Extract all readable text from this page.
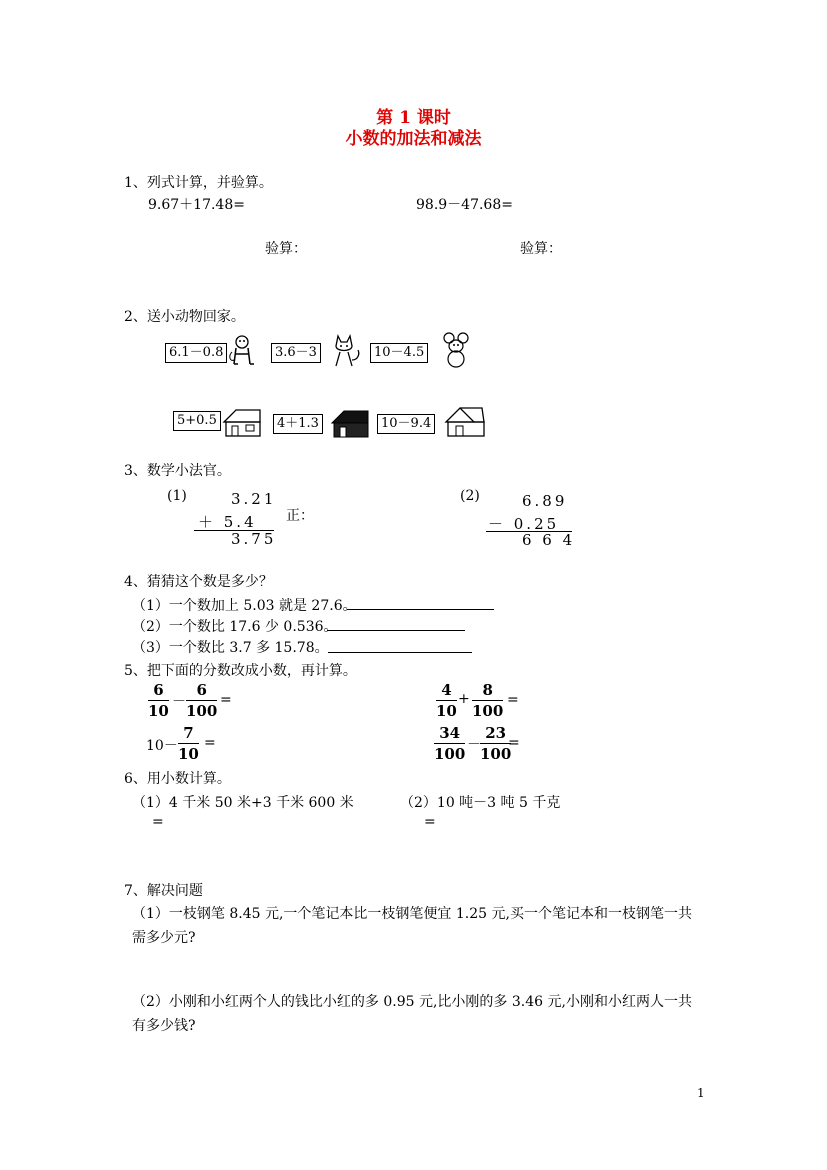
第 1 课时
小数的加法和减法
1、列式计算，并验算。
9.67＋17.48=	98.9－47.68=
验算：	验算：
2、送小动物回家。
6.1－0.8	3.6－3	10－4.5
5+0.5	4＋1.3	10－9.4
3、数学小法官。
(1)	3.21
＋ 5.4
3.75
正：
(2)	6.89
－ 0.25
6 6 4
4、猜猜这个数是多少？
（1）一个数加上 5.03 就是 27.6。
（2）一个数比 17.6 少 0.536。
（3）一个数比 3.7 多 15.78。
5、把下面的分数改成小数，再计算。
6
10 －
6
100
=
4
10
+ 8
100
=
10－
7
10
=
34
100 －
23
100
=
6、用小数计算。
（1）4 千米 50 米+3 千米 600 米	（2）10 吨－3 吨 5 千克
=	=
7、解决问题
（1）一枝钢笔 8.45 元,一个笔记本比一枝钢笔便宜 1.25 元,买一个笔记本和一枝钢笔一共
需多少元?
（2）小刚和小红两个人的钱比小红的多 0.95 元,比小刚的多 3.46 元,小刚和小红两人一共
有多少钱?
1
